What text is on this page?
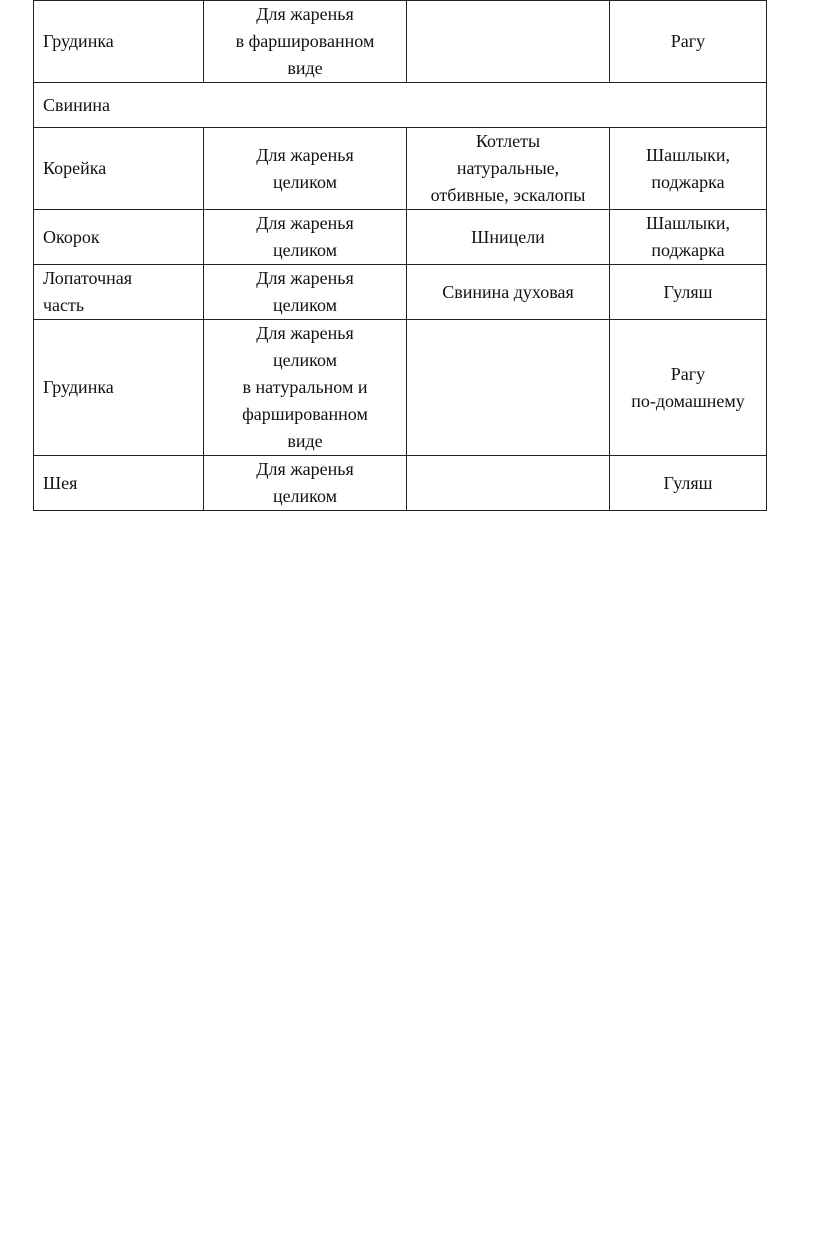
Грудинка	Для жаренья
в фаршированном
виде		Рагу

Свинина			

Корейка	Для жаренья
целиком	Котлеты
натуральные,
отбивные, эскалопы	Шашлыки,
поджарка

Окорок	Для жаренья
целиком	Шницели	Шашлыки,
поджарка

Лопаточная
часть	Для жаренья
целиком	Свинина духовая	Гуляш

Грудинка	Для жаренья
целиком
в натуральном и
фаршированном
виде		Рагу
по-домашнему

Шея	Для жаренья
целиком		Гуляш
